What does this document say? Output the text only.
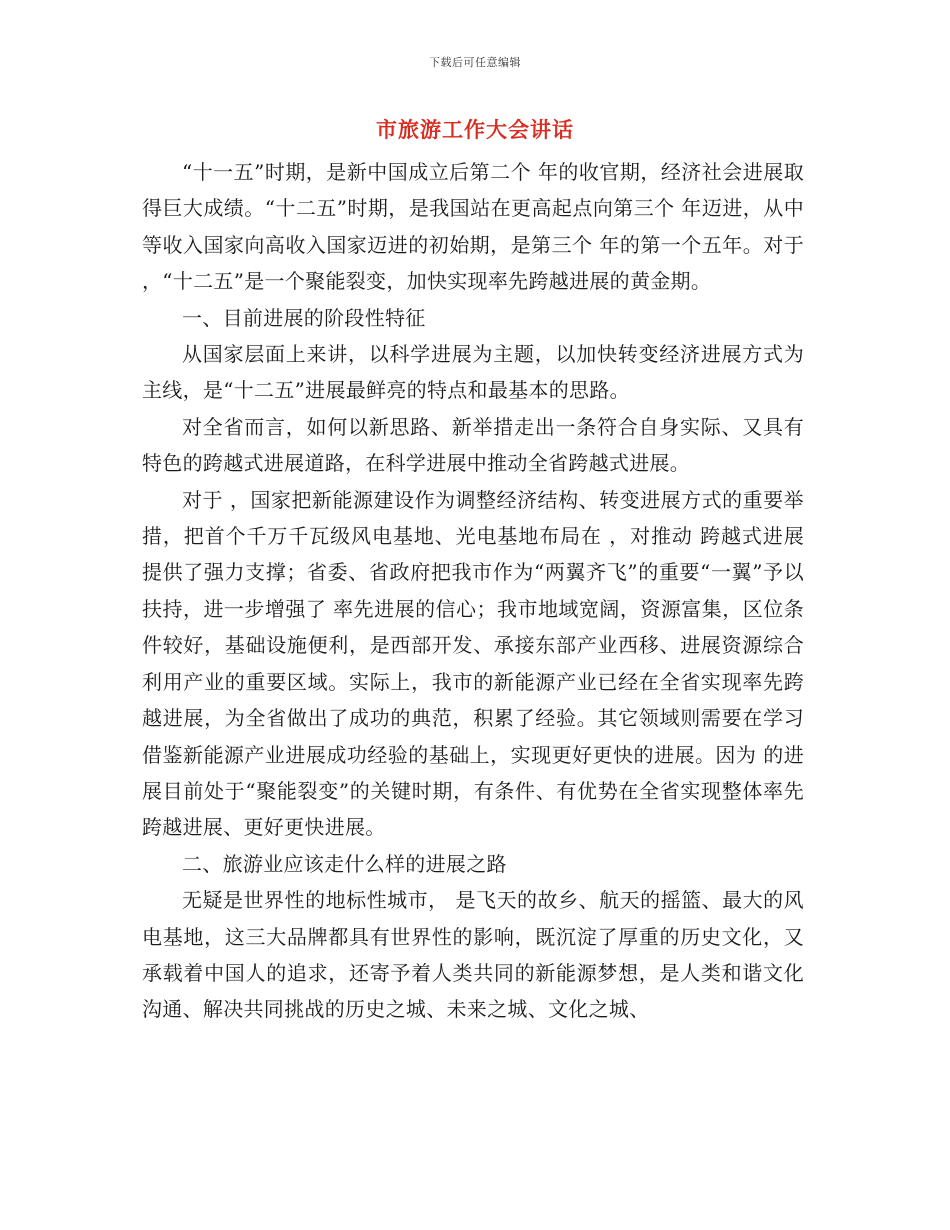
下载后可任意编辑
市旅游工作大会讲话

“十一五”时期，是新中国成立后第二个 年的收官期，经济社会进展取得巨大成绩。“十二五”时期，是我国站在更高起点向第三个 年迈进，从中等收入国家向高收入国家迈进的初始期，是第三个 年的第一个五年。对于 ，“十二五”是一个聚能裂变，加快实现率先跨越进展的黄金期。

一、目前进展的阶段性特征

从国家层面上来讲，以科学进展为主题，以加快转变经济进展方式为主线，是“十二五”进展最鲜亮的特点和最基本的思路。

对全省而言，如何以新思路、新举措走出一条符合自身实际、又具有 特色的跨越式进展道路，在科学进展中推动全省跨越式进展。

对于 ，国家把新能源建设作为调整经济结构、转变进展方式的重要举措，把首个千万千瓦级风电基地、光电基地布局在 ，对推动 跨越式进展提供了强力支撑；省委、省政府把我市作为“两翼齐飞”的重要“一翼”予以扶持，进一步增强了 率先进展的信心；我市地域宽阔，资源富集，区位条件较好，基础设施便利，是西部开发、承接东部产业西移、进展资源综合利用产业的重要区域。实际上，我市的新能源产业已经在全省实现率先跨越进展，为全省做出了成功的典范，积累了经验。其它领域则需要在学习借鉴新能源产业进展成功经验的基础上，实现更好更快的进展。因为 的进展目前处于“聚能裂变”的关键时期，有条件、有优势在全省实现整体率先跨越进展、更好更快进展。

二、旅游业应该走什么样的进展之路

无疑是世界性的地标性城市， 是飞天的故乡、航天的摇篮、最大的风电基地，这三大品牌都具有世界性的影响，既沉淀了厚重的历史文化，又承载着中国人的追求，还寄予着人类共同的新能源梦想，是人类和谐文化沟通、解决共同挑战的历史之城、未来之城、文化之城、
